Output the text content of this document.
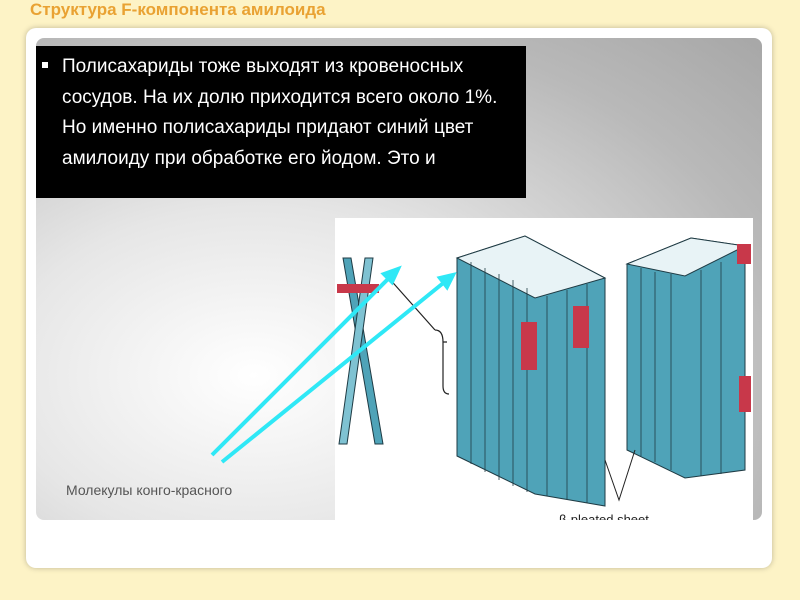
Структура F-компонента амилоида
Полисахариды тоже выходят из кровеносных сосудов. На их долю приходится всего около 1%. Но именно полисахариды придают синий цвет амилоиду при обработке его йодом. Это и
Молекулы конго-красного
β-pleated sheet
